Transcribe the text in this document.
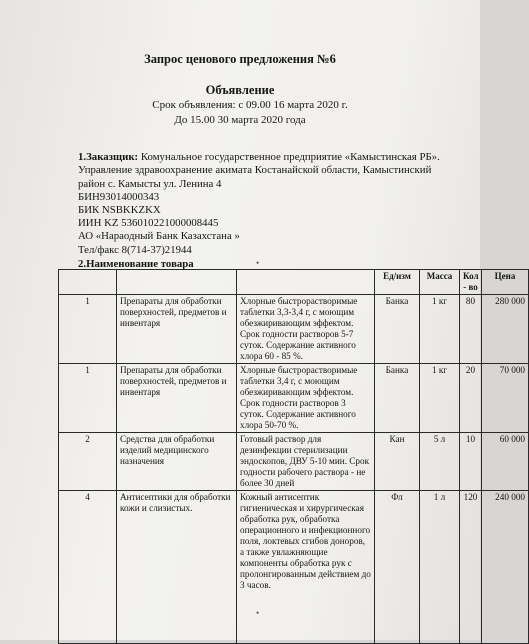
Запрос ценового предложения №6
Объявление
Срок объявления: с 09.00 16 марта 2020 г.
До 15.00 30 марта 2020 года
1.Заказщик: Комунальное государственное предприятие «Камыстинская РБ». Управление здравоохранение акимата Костанайской области, Камыстинский район с. Камысты ул. Ленина 4
БИН93014000343
БИК NSBKKZKX
ИИН KZ 536010221000008445
АО «Нараодный Банк Казахстана »
Тел/факс 8(714-37)21944
2.Наименование товара
			Ед/изм	Масса	Кол - во	Цена
1	Препараты для обработки поверхностей, предметов и инвентаря	Хлорные быстрорастворимые таблетки 3,3-3,4 г, с моющим обезжиривающим эффектом. Срок годности растворов 5-7 суток. Содержание активного хлора 60 - 85 %.	Банка	1 кг	80	280 000
1	Препараты для обработки поверхностей, предметов и инвентаря	Хлорные быстрорастворимые таблетки 3,4 г, с моющим обезжиривающим эффектом. Срок годности растворов 3 суток. Содержание активного хлора 50-70 %.	Банка	1 кг	20	70 000
2	Средства для обработки изделий медицинского назначения	Готовый раствор для дезинфекции стерилизации эндоскопов, ДВУ 5-10 мин. Срок годности рабочего раствора - не более 30 дней	Кан	5 л	10	60 000
4	Антисептики для обработки кожи и слизистых.	Кожный антисептик гигиеническая и хирургическая обработка рук, обработка операционного и инфекционного поля, локтевых сгибов доноров, а также увлажняющие компоненты обработка рук с пролонгированным действием до 3 часов.	Фл	1 л	120	240 000
•
•
